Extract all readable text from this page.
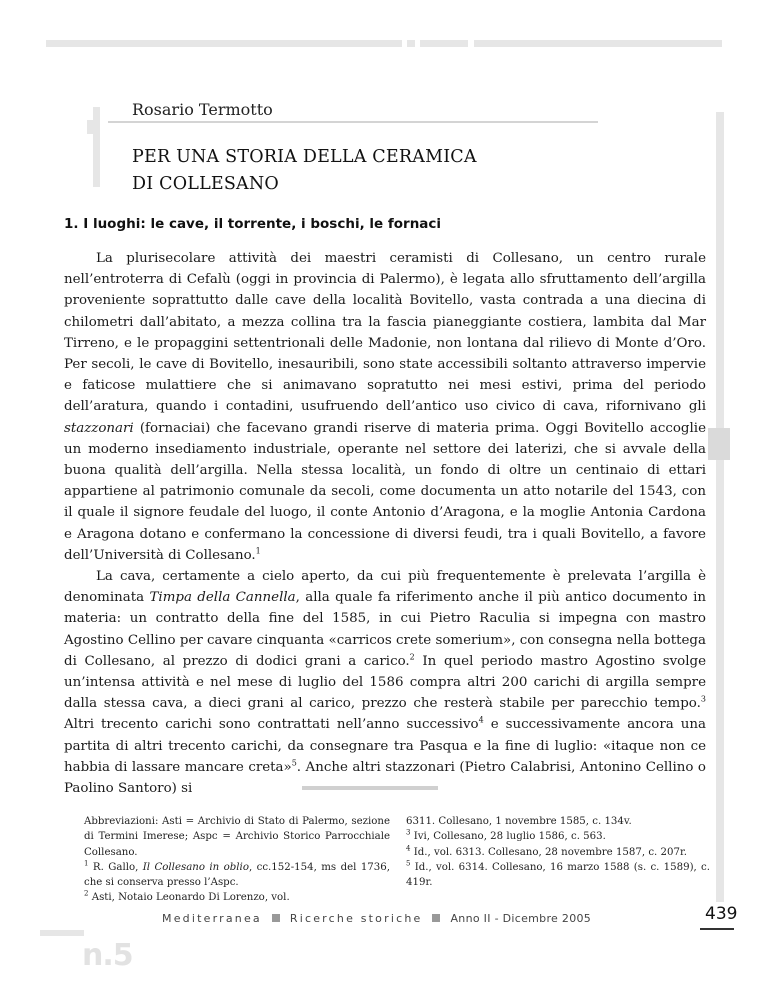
Rosario Termotto
PER UNA STORIA DELLA CERAMICA
DI COLLESANO
1. I luoghi: le cave, il torrente, i boschi, le fornaci

La plurisecolare attività dei maestri ceramisti di Collesano, un centro rurale nell’entroterra di Cefalù (oggi in provincia di Palermo), è legata allo sfruttamento dell’argilla proveniente soprattutto dalle cave della località Bovitello, vasta contrada a una diecina di chilometri dall’abitato, a mezza collina tra la fascia pianeggiante costiera, lambita dal Mar Tirreno, e le propaggini settentrionali delle Madonie, non lontana dal rilievo di Monte d’Oro. Per secoli, le cave di Bovitello, inesauribili, sono state accessibili soltanto attraverso impervie e faticose mulattiere che si animavano sopratutto nei mesi estivi, prima del periodo dell’aratura, quando i contadini, usufruendo dell’antico uso civico di cava, rifornivano gli stazzonari (fornaciai) che facevano grandi riserve di materia prima. Oggi Bovitello accoglie un moderno insediamento industriale, operante nel settore dei laterizi, che si avvale della buona qualità dell’argilla. Nella stessa località, un fondo di oltre un centinaio di ettari appartiene al patrimonio comunale da secoli, come documenta un atto notarile del 1543, con il quale il signore feudale del luogo, il conte Antonio d’Aragona, e la moglie Antonia Cardona e Aragona dotano e confermano la concessione di diversi feudi, tra i quali Bovitello, a favore dell’Università di Collesano.$^1$

La cava, certamente a cielo aperto, da cui più frequentemente è prelevata l’argilla è denominata Timpa della Cannella, alla quale fa riferimento anche il più antico documento in materia: un contratto della fine del 1585, in cui Pietro Raculia si impegna con mastro Agostino Cellino per cavare cinquanta «carricos crete somerium», con consegna nella bottega di Collesano, al prezzo di dodici grani a carico.$^2$ In quel periodo mastro Agostino svolge un’intensa attività e nel mese di luglio del 1586 compra altri 200 carichi di argilla sempre dalla stessa cava, a dieci grani al carico, prezzo che resterà stabile per parecchio tempo.$^3$ Altri trecento carichi sono contrattati nell’anno successivo$^4$ e successivamente ancora una partita di altri trecento carichi, da consegnare tra Pasqua e la fine di luglio: «itaque non ce habbia di lassare mancare creta»$^5$. Anche altri stazzonari (Pietro Calabrisi, Antonino Cellino o Paolino Santoro) si

Abbreviazioni: Asti = Archivio di Stato di Palermo, sezione di Termini Imerese; Aspc = Archivio Storico Parrocchiale Collesano.
$^1$ R. Gallo, Il Collesano in oblio, cc.152-154, ms del 1736, che si conserva presso l’Aspc.
$^2$ Asti, Notaio Leonardo Di Lorenzo, vol.
6311. Collesano, 1 novembre 1585, c. 134v.
$^3$ Ivi, Collesano, 28 luglio 1586, c. 563.
$^4$ Id., vol. 6313. Collesano, 28 novembre 1587, c. 207r.
$^5$ Id., vol. 6314. Collesano, 16 marzo 1588 (s. c. 1589), c. 419r.
Mediterranea	Ricerche storiche	Anno II - Dicembre 2005	439
n.5
